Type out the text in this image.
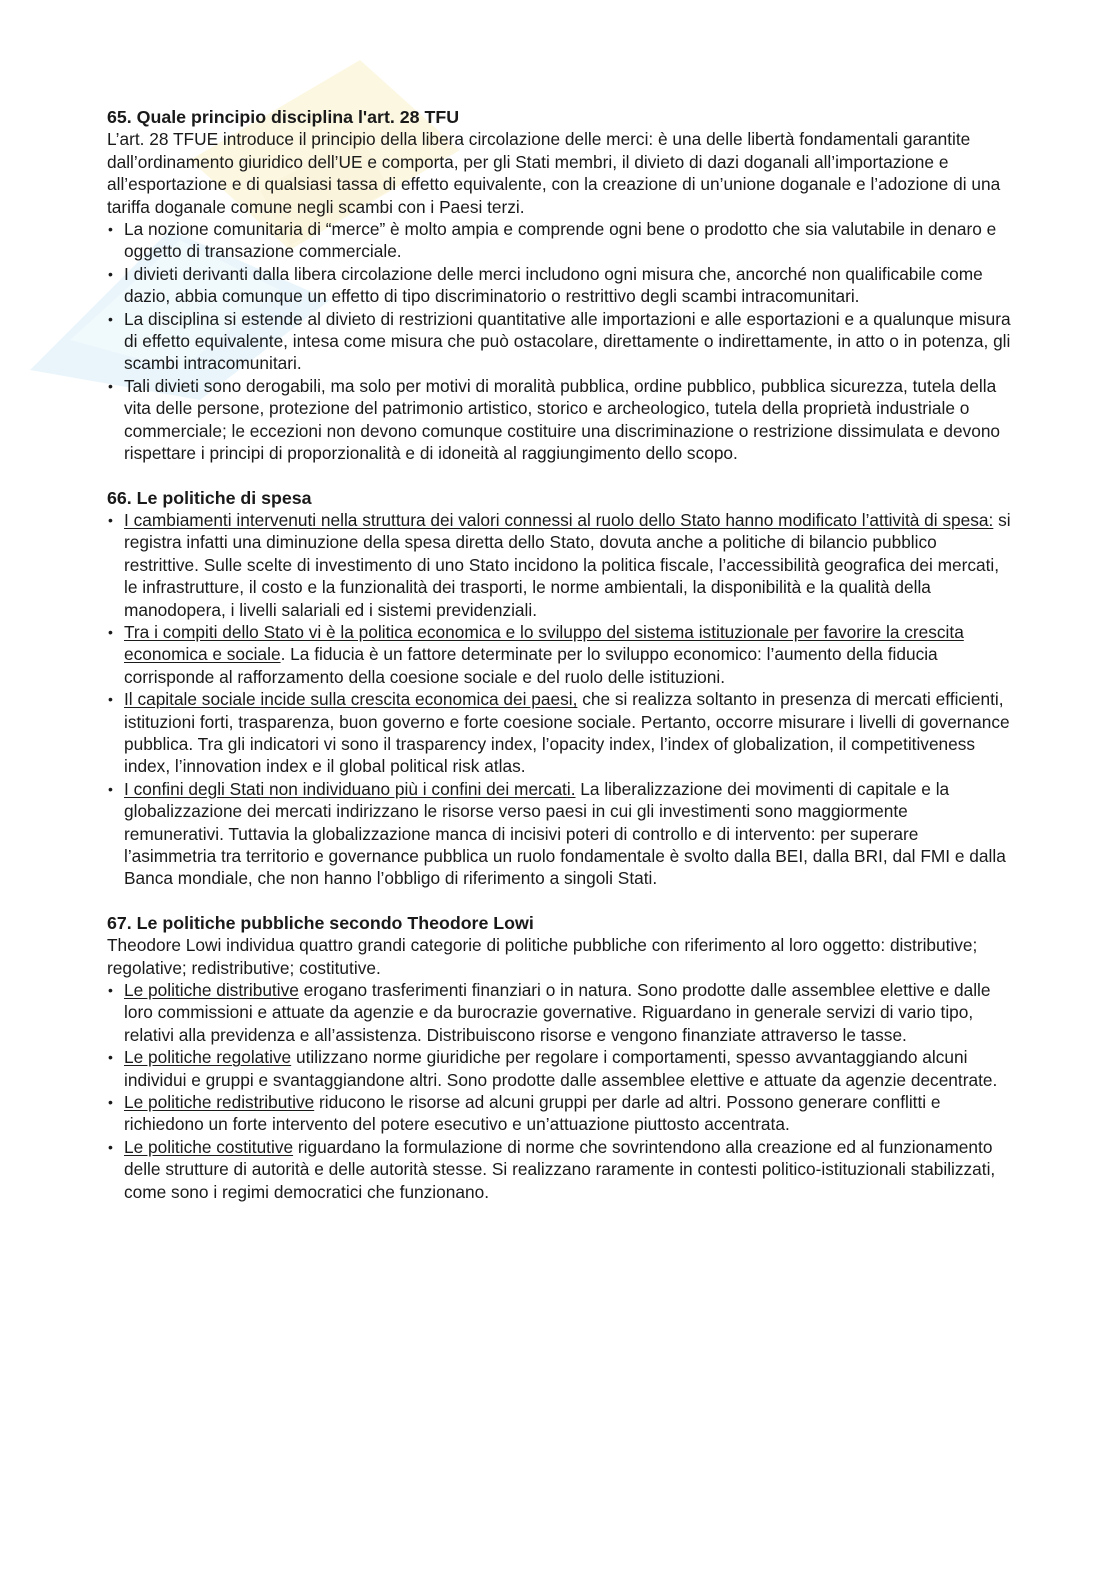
65. Quale principio disciplina l'art. 28 TFU

L’art. 28 TFUE introduce il principio della libera circolazione delle merci: è una delle libertà fondamentali garantite dall’ordinamento giuridico dell’UE e comporta, per gli Stati membri, il divieto di dazi doganali all’importazione e all’esportazione e di qualsiasi tassa di effetto equivalente, con la creazione di un’unione doganale e l’adozione di una tariffa doganale comune negli scambi con i Paesi terzi.

• La nozione comunitaria di “merce” è molto ampia e comprende ogni bene o prodotto che sia valutabile in denaro e oggetto di transazione commerciale.
• I divieti derivanti dalla libera circolazione delle merci includono ogni misura che, ancorché non qualificabile come dazio, abbia comunque un effetto di tipo discriminatorio o restrittivo degli scambi intracomunitari.
• La disciplina si estende al divieto di restrizioni quantitative alle importazioni e alle esportazioni e a qualunque misura di effetto equivalente, intesa come misura che può ostacolare, direttamente o indirettamente, in atto o in potenza, gli scambi intracomunitari.
• Tali divieti sono derogabili, ma solo per motivi di moralità pubblica, ordine pubblico, pubblica sicurezza, tutela della vita delle persone, protezione del patrimonio artistico, storico e archeologico, tutela della proprietà industriale o commerciale; le eccezioni non devono comunque costituire una discriminazione o restrizione dissimulata e devono rispettare i principi di proporzionalità e di idoneità al raggiungimento dello scopo.

66. Le politiche di spesa

• I cambiamenti intervenuti nella struttura dei valori connessi al ruolo dello Stato hanno modificato l’attività di spesa: si registra infatti una diminuzione della spesa diretta dello Stato, dovuta anche a politiche di bilancio pubblico restrittive. Sulle scelte di investimento di uno Stato incidono la politica fiscale, l’accessibilità geografica dei mercati, le infrastrutture, il costo e la funzionalità dei trasporti, le norme ambientali, la disponibilità e la qualità della manodopera, i livelli salariali ed i sistemi previdenziali.
• Tra i compiti dello Stato vi è la politica economica e lo sviluppo del sistema istituzionale per favorire la crescita economica e sociale. La fiducia è un fattore determinate per lo sviluppo economico: l’aumento della fiducia corrisponde al rafforzamento della coesione sociale e del ruolo delle istituzioni.
• Il capitale sociale incide sulla crescita economica dei paesi, che si realizza soltanto in presenza di mercati efficienti, istituzioni forti, trasparenza, buon governo e forte coesione sociale. Pertanto, occorre misurare i livelli di governance pubblica. Tra gli indicatori vi sono il trasparency index, l’opacity index, l’index of globalization, il competitiveness index, l’innovation index e il global political risk atlas.
• I confini degli Stati non individuano più i confini dei mercati. La liberalizzazione dei movimenti di capitale e la globalizzazione dei mercati indirizzano le risorse verso paesi in cui gli investimenti sono maggiormente remunerativi. Tuttavia la globalizzazione manca di incisivi poteri di controllo e di intervento: per superare l’asimmetria tra territorio e governance pubblica un ruolo fondamentale è svolto dalla BEI, dalla BRI, dal FMI e dalla Banca mondiale, che non hanno l’obbligo di riferimento a singoli Stati.

67. Le politiche pubbliche secondo Theodore Lowi

Theodore Lowi individua quattro grandi categorie di politiche pubbliche con riferimento al loro oggetto: distributive; regolative; redistributive; costitutive.

• Le politiche distributive erogano trasferimenti finanziari o in natura. Sono prodotte dalle assemblee elettive e dalle loro commissioni e attuate da agenzie e da burocrazie governative. Riguardano in generale servizi di vario tipo, relativi alla previdenza e all’assistenza. Distribuiscono risorse e vengono finanziate attraverso le tasse.
• Le politiche regolative utilizzano norme giuridiche per regolare i comportamenti, spesso avvantaggiando alcuni individui e gruppi e svantaggiandone altri. Sono prodotte dalle assemblee elettive e attuate da agenzie decentrate.
• Le politiche redistributive riducono le risorse ad alcuni gruppi per darle ad altri. Possono generare conflitti e richiedono un forte intervento del potere esecutivo e un’attuazione piuttosto accentrata.
• Le politiche costitutive riguardano la formulazione di norme che sovrintendono alla creazione ed al funzionamento delle strutture di autorità e delle autorità stesse. Si realizzano raramente in contesti politico-istituzionali stabilizzati, come sono i regimi democratici che funzionano.
